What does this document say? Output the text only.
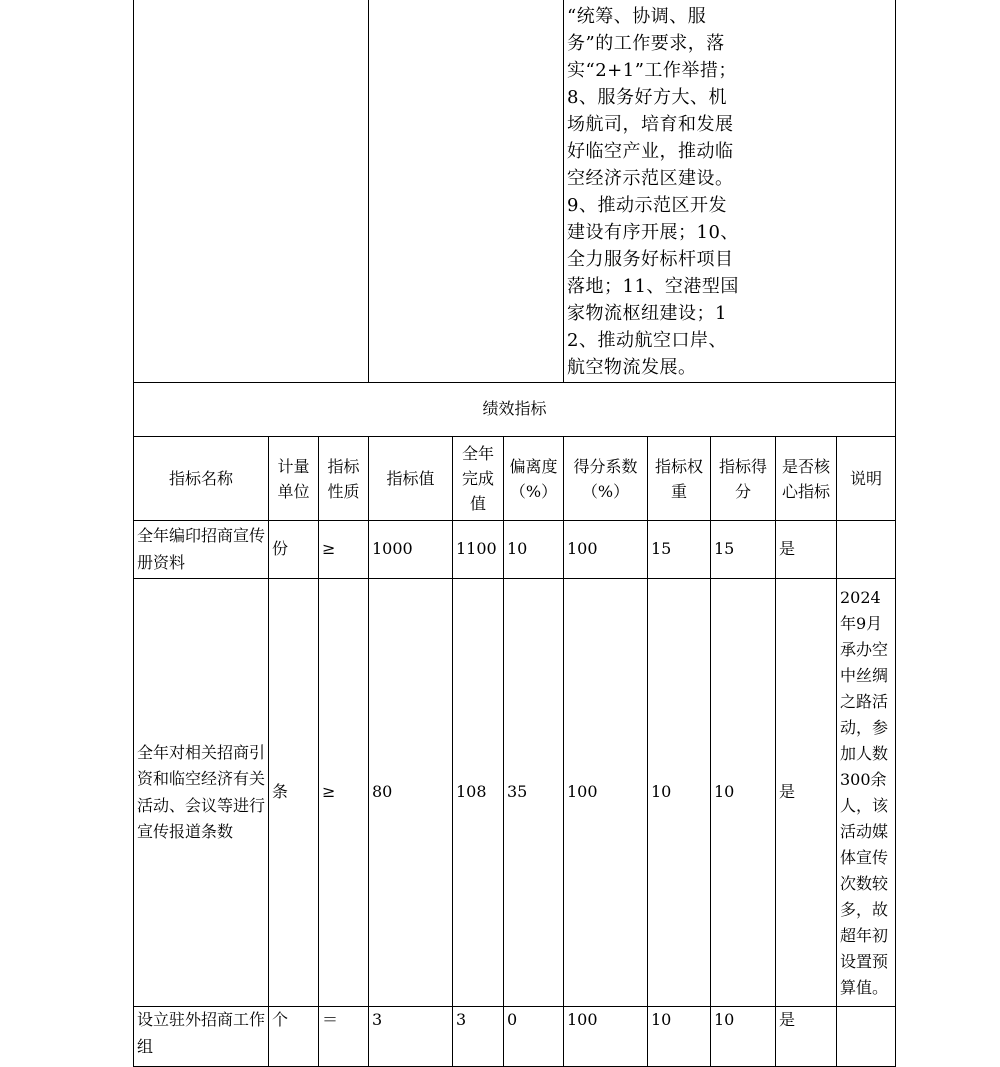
						“统筹、协调、服务”的工作要求，落实“2+1”工作举措；8、服务好方大、机场航司，培育和发展好临空产业，推动临空经济示范区建设。9、推动示范区开发建设有序开展；10、全力服务好标杆项目落地；11、空港型国家物流枢纽建设；12、推动航空口岸、航空物流发展。				

绩效指标										
指标名称	计量单位	指标性质	指标值	全年完成值	偏离度（%）	得分系数（%）	指标权重	指标得分	是否核心指标	说明
全年编印招商宣传册资料	份	≥	1000	1100	10	100	15	15	是	
全年对相关招商引资和临空经济有关活动、会议等进行宣传报道条数	条	≥	80	108	35	100	10	10	是	2024年9月承办空中丝绸之路活动，参加人数300余人，该活动媒体宣传次数较多，故超年初设置预算值。

设立驻外招商工作组	个	＝	3	3	0	100	10	10	是	
